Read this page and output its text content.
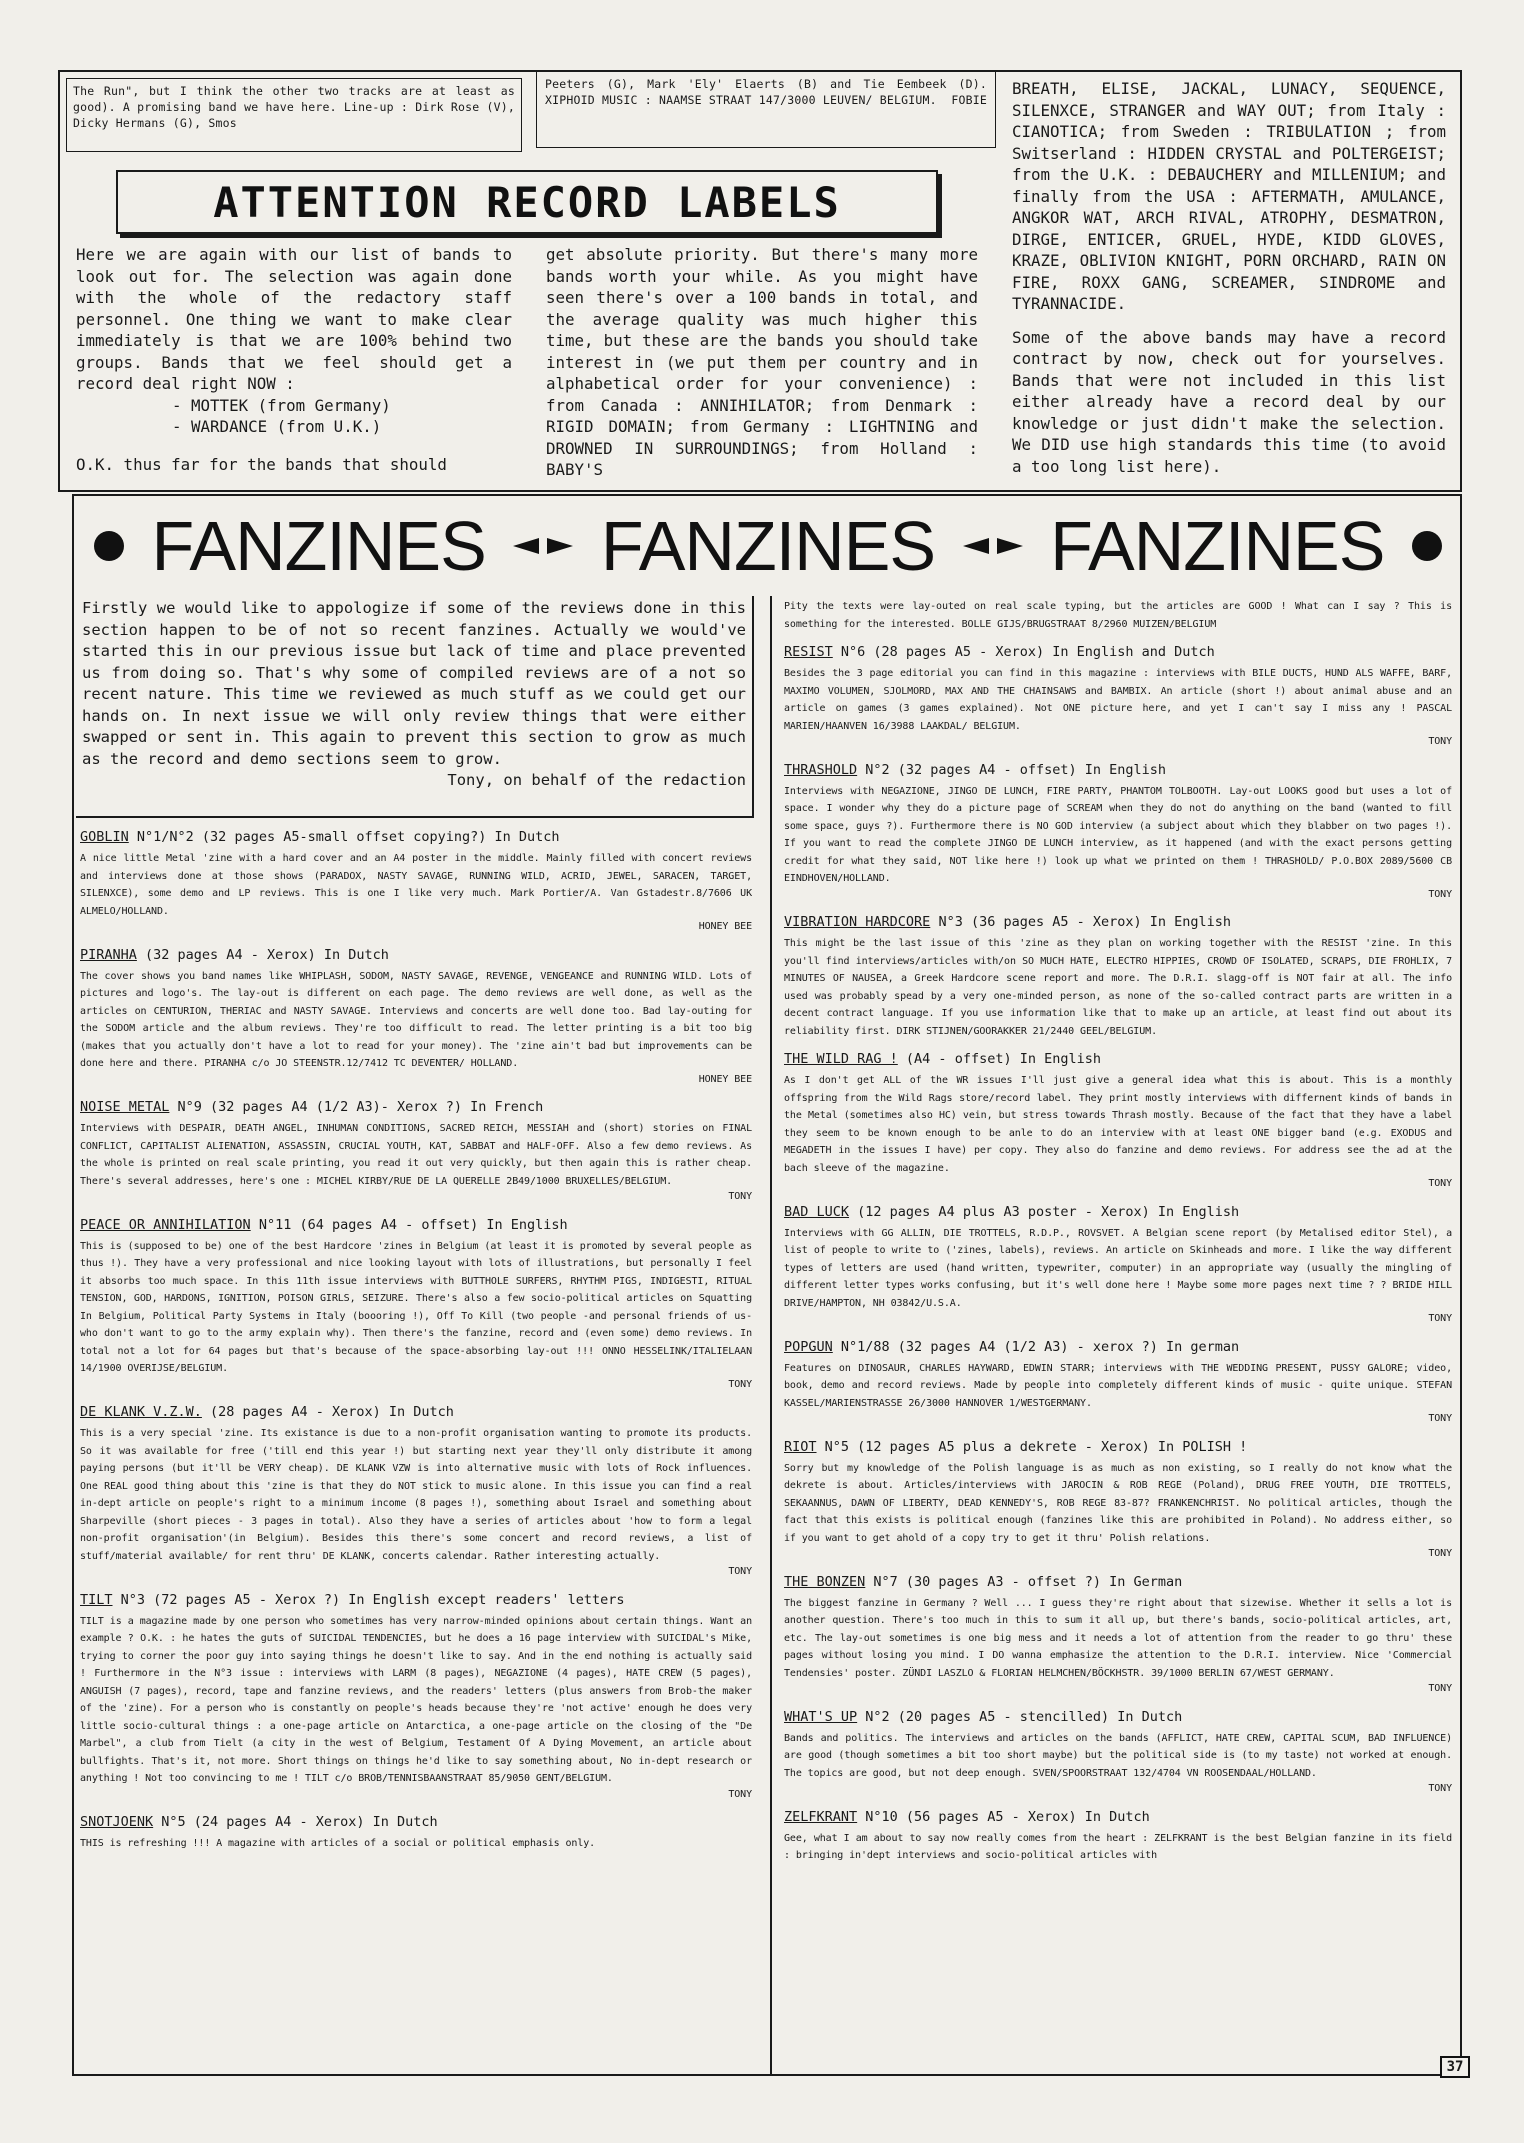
The Run", but I think the other two tracks are at least as good). A promising band we have here. Line-up : Dirk Rose (V), Dicky Hermans (G), Smos
Peeters (G), Mark 'Ely' Elaerts (B) and Tie Eembeek (D). XIPHOID MUSIC : NAAMSE STRAAT 147/3000 LEUVEN/ BELGIUM.	FOBIE
ATTENTION RECORD LABELS

Here we are again with our list of bands to look out for. The selection was again done with the whole of the redactory staff personnel. One thing we want to make clear immediately is that we are 100% behind two groups. Bands that we feel should get a record deal right NOW :

- MOTTEK (from Germany)

- WARDANCE (from U.K.)

O.K. thus far for the bands that should

get absolute priority. But there's many more bands worth your while. As you might have seen there's over a 100 bands in total, and the average quality was much higher this time, but these are the bands you should take interest in (we put them per country and in alphabetical order for your convenience) : from Canada : ANNIHILATOR; from Denmark : RIGID DOMAIN; from Germany : LIGHTNING and DROWNED IN SURROUNDINGS; from Holland : BABY'S

BREATH, ELISE, JACKAL, LUNACY, SEQUENCE, SILENXCE, STRANGER and WAY OUT; from Italy : CIANOTICA; from Sweden : TRIBULATION ; from Switserland : HIDDEN CRYSTAL and POLTERGEIST; from the U.K. : DEBAUCHERY and MILLENIUM; and finally from the USA : AFTERMATH, AMULANCE, ANGKOR WAT, ARCH RIVAL, ATROPHY, DESMATRON, DIRGE, ENTICER, GRUEL, HYDE, KIDD GLOVES, KRAZE, OBLIVION KNIGHT, PORN ORCHARD, RAIN ON FIRE, ROXX GANG, SCREAMER, SINDROME and TYRANNACIDE.

Some of the above bands may have a record contract by now, check out for yourselves. Bands that were not included in this list either already have a record deal by our knowledge or just didn't make the selection. We DID use high standards this time (to avoid a too long list here).

FANZINES FANZINES FANZINES

Firstly we would like to appologize if some of the reviews done in this section happen to be of not so recent fanzines. Actually we would've started this in our previous issue but lack of time and place prevented us from doing so. That's why some of compiled reviews are of a not so recent nature. This time we reviewed as much stuff as we could get our hands on. In next issue we will only review things that were either swapped or sent in. This again to prevent this section to grow as much as the record and demo sections seem to grow.

Tony, on behalf of the redaction

GOBLIN N°1/N°2 (32 pages A5-small offset copying?) In Dutch
A nice little Metal 'zine with a hard cover and an A4 poster in the middle. Mainly filled with concert reviews and interviews done at those shows (PARADOX, NASTY SAVAGE, RUNNING WILD, ACRID, JEWEL, SARACEN, TARGET, SILENXCE), some demo and LP reviews. This is one I like very much. Mark Portier/A. Van Gstadestr.8/7606 UK ALMELO/HOLLAND.
HONEY BEE
PIRANHA (32 pages A4 - Xerox) In Dutch
The cover shows you band names like WHIPLASH, SODOM, NASTY SAVAGE, REVENGE, VENGEANCE and RUNNING WILD. Lots of pictures and logo's. The lay-out is different on each page. The demo reviews are well done, as well as the articles on CENTURION, THERIAC and NASTY SAVAGE. Interviews and concerts are well done too. Bad lay-outing for the SODOM article and the album reviews. They're too difficult to read. The letter printing is a bit too big (makes that you actually don't have a lot to read for your money). The 'zine ain't bad but improvements can be done here and there. PIRANHA c/o JO STEENSTR.12/7412 TC DEVENTER/ HOLLAND.
HONEY BEE
NOISE METAL N°9 (32 pages A4 (1/2 A3)- Xerox ?) In French
Interviews with DESPAIR, DEATH ANGEL, INHUMAN CONDITIONS, SACRED REICH, MESSIAH and (short) stories on FINAL CONFLICT, CAPITALIST ALIENATION, ASSASSIN, CRUCIAL YOUTH, KAT, SABBAT and HALF-OFF. Also a few demo reviews. As the whole is printed on real scale printing, you read it out very quickly, but then again this is rather cheap. There's several addresses, here's one : MICHEL KIRBY/RUE DE LA QUERELLE 2B49/1000 BRUXELLES/BELGIUM.
TONY
PEACE OR ANNIHILATION N°11 (64 pages A4 - offset) In English
This is (supposed to be) one of the best Hardcore 'zines in Belgium (at least it is promoted by several people as thus !). They have a very professional and nice looking layout with lots of illustrations, but personally I feel it absorbs too much space. In this 11th issue interviews with BUTTHOLE SURFERS, RHYTHM PIGS, INDIGESTI, RITUAL TENSION, GOD, HARDONS, IGNITION, POISON GIRLS, SEIZURE. There's also a few socio-political articles on Squatting In Belgium, Political Party Systems in Italy (boooring !), Off To Kill (two people -and personal friends of us- who don't want to go to the army explain why). Then there's the fanzine, record and (even some) demo reviews. In total not a lot for 64 pages but that's because of the space-absorbing lay-out !!! ONNO HESSELINK/ITALIELAAN 14/1900 OVERIJSE/BELGIUM.
TONY
DE KLANK V.Z.W. (28 pages A4 - Xerox) In Dutch
This is a very special 'zine. Its existance is due to a non-profit organisation wanting to promote its products. So it was available for free ('till end this year !) but starting next year they'll only distribute it among paying persons (but it'll be VERY cheap). DE KLANK VZW is into alternative music with lots of Rock influences. One REAL good thing about this 'zine is that they do NOT stick to music alone. In this issue you can find a real in-dept article on people's right to a minimum income (8 pages !), something about Israel and something about Sharpeville (short pieces - 3 pages in total). Also they have a series of articles about 'how to form a legal non-profit organisation'(in Belgium). Besides this there's some concert and record reviews, a list of stuff/material available/ for rent thru' DE KLANK, concerts calendar. Rather interesting actually.
TONY
TILT N°3 (72 pages A5 - Xerox ?) In English except readers' letters
TILT is a magazine made by one person who sometimes has very narrow-minded opinions about certain things. Want an example ? O.K. : he hates the guts of SUICIDAL TENDENCIES, but he does a 16 page interview with SUICIDAL's Mike, trying to corner the poor guy into saying things he doesn't like to say. And in the end nothing is actually said ! Furthermore in the N°3 issue : interviews with LARM (8 pages), NEGAZIONE (4 pages), HATE CREW (5 pages), ANGUISH (7 pages), record, tape and fanzine reviews, and the readers' letters (plus answers from Brob-the maker of the 'zine). For a person who is constantly on people's heads because they're 'not active' enough he does very little socio-cultural things : a one-page article on Antarctica, a one-page article on the closing of the "De Marbel", a club from Tielt (a city in the west of Belgium, Testament Of A Dying Movement, an article about bullfights. That's it, not more. Short things on things he'd like to say something about, No in-dept research or anything ! Not too convincing to me ! TILT c/o BROB/TENNISBAANSTRAAT 85/9050 GENT/BELGIUM.
TONY
SNOTJOENK N°5 (24 pages A4 - Xerox) In Dutch
THIS is refreshing !!! A magazine with articles of a social or political emphasis only.
Pity the texts were lay-outed on real scale typing, but the articles are GOOD ! What can I say ? This is something for the interested. BOLLE GIJS/BRUGSTRAAT 8/2960 MUIZEN/BELGIUM
RESIST N°6 (28 pages A5 - Xerox) In English and Dutch
Besides the 3 page editorial you can find in this magazine : interviews with BILE DUCTS, HUND ALS WAFFE, BARF, MAXIMO VOLUMEN, SJOLMORD, MAX AND THE CHAINSAWS and BAMBIX. An article (short !) about animal abuse and an article on games (3 games explained). Not ONE picture here, and yet I can't say I miss any ! PASCAL MARIEN/HAANVEN 16/3988 LAAKDAL/ BELGIUM.
TONY
THRASHOLD N°2 (32 pages A4 - offset) In English
Interviews with NEGAZIONE, JINGO DE LUNCH, FIRE PARTY, PHANTOM TOLBOOTH. Lay-out LOOKS good but uses a lot of space. I wonder why they do a picture page of SCREAM when they do not do anything on the band (wanted to fill some space, guys ?). Furthermore there is NO GOD interview (a subject about which they blabber on two pages !). If you want to read the complete JINGO DE LUNCH interview, as it happened (and with the exact persons getting credit for what they said, NOT like here !) look up what we printed on them ! THRASHOLD/ P.O.BOX 2089/5600 CB EINDHOVEN/HOLLAND.
TONY
VIBRATION HARDCORE N°3 (36 pages A5 - Xerox) In English
This might be the last issue of this 'zine as they plan on working together with the RESIST 'zine. In this you'll find interviews/articles with/on SO MUCH HATE, ELECTRO HIPPIES, CROWD OF ISOLATED, SCRAPS, DIE FROHLIX, 7 MINUTES OF NAUSEA, a Greek Hardcore scene report and more. The D.R.I. slagg-off is NOT fair at all. The info used was probably spead by a very one-minded person, as none of the so-called contract parts are written in a decent contract language. If you use information like that to make up an article, at least find out about its reliability first. DIRK STIJNEN/GOORAKKER 21/2440 GEEL/BELGIUM.
THE WILD RAG ! (A4 - offset) In English
As I don't get ALL of the WR issues I'll just give a general idea what this is about. This is a monthly offspring from the Wild Rags store/record label. They print mostly interviews with differnent kinds of bands in the Metal (sometimes also HC) vein, but stress towards Thrash mostly. Because of the fact that they have a label they seem to be known enough to be anle to do an interview with at least ONE bigger band (e.g. EXODUS and MEGADETH in the issues I have) per copy. They also do fanzine and demo reviews. For address see the ad at the bach sleeve of the magazine.
TONY
BAD LUCK (12 pages A4 plus A3 poster - Xerox) In English
Interviews with GG ALLIN, DIE TROTTELS, R.D.P., ROVSVET. A Belgian scene report (by Metalised editor Stel), a list of people to write to ('zines, labels), reviews. An article on Skinheads and more. I like the way different types of letters are used (hand written, typewriter, computer) in an appropriate way (usually the mingling of different letter types works confusing, but it's well done here ! Maybe some more pages next time ? ? BRIDE HILL DRIVE/HAMPTON, NH 03842/U.S.A.
TONY
POPGUN N°1/88 (32 pages A4 (1/2 A3) - xerox ?) In german
Features on DINOSAUR, CHARLES HAYWARD, EDWIN STARR; interviews with THE WEDDING PRESENT, PUSSY GALORE; video, book, demo and record reviews. Made by people into completely different kinds of music - quite unique. STEFAN KASSEL/MARIENSTRASSE 26/3000 HANNOVER 1/WESTGERMANY.
TONY
RIOT N°5 (12 pages A5 plus a dekrete - Xerox) In POLISH !
Sorry but my knowledge of the Polish language is as much as non existing, so I really do not know what the dekrete is about. Articles/interviews with JAROCIN & ROB REGE (Poland), DRUG FREE YOUTH, DIE TROTTELS, SEKAANNUS, DAWN OF LIBERTY, DEAD KENNEDY'S, ROB REGE 83-87? FRANKENCHRIST. No political articles, though the fact that this exists is political enough (fanzines like this are prohibited in Poland). No address either, so if you want to get ahold of a copy try to get it thru' Polish relations.
TONY
THE BONZEN N°7 (30 pages A3 - offset ?) In German
The biggest fanzine in Germany ? Well ... I guess they're right about that sizewise. Whether it sells a lot is another question. There's too much in this to sum it all up, but there's bands, socio-political articles, art, etc. The lay-out sometimes is one big mess and it needs a lot of attention from the reader to go thru' these pages without losing you mind. I DO wanna emphasize the attention to the D.R.I. interview. Nice 'Commercial Tendensies' poster. ZÜNDI LASZLO & FLORIAN HELMCHEN/BÖCKHSTR. 39/1000 BERLIN 67/WEST GERMANY.
TONY
WHAT'S UP N°2 (20 pages A5 - stencilled) In Dutch
Bands and politics. The interviews and articles on the bands (AFFLICT, HATE CREW, CAPITAL SCUM, BAD INFLUENCE) are good (though sometimes a bit too short maybe) but the political side is (to my taste) not worked at enough. The topics are good, but not deep enough. SVEN/SPOORSTRAAT 132/4704 VN ROOSENDAAL/HOLLAND.
TONY
ZELFKRANT N°10 (56 pages A5 - Xerox) In Dutch
Gee, what I am about to say now really comes from the heart : ZELFKRANT is the best Belgian fanzine in its field : bringing in'dept interviews and socio-political articles with
37
